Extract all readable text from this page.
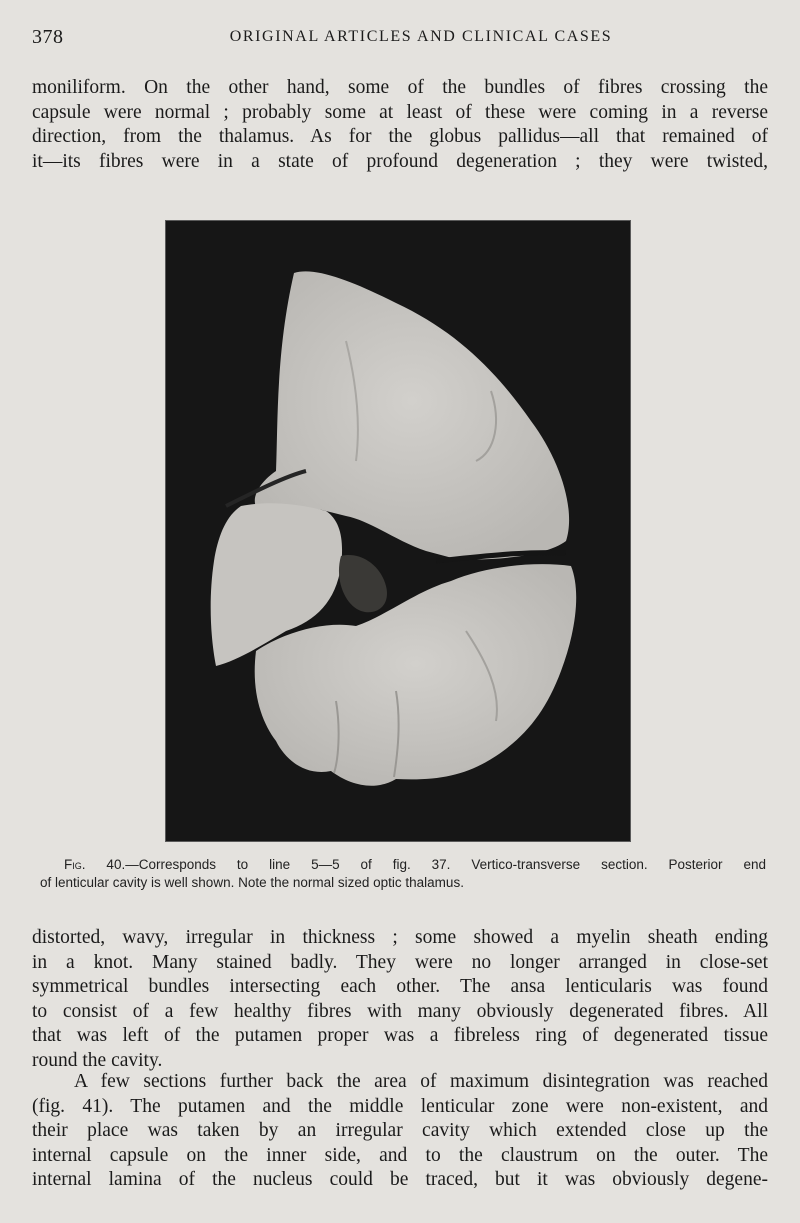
378	ORIGINAL ARTICLES AND CLINICAL CASES
moniliform. On the other hand, some of the bundles of fibres crossing the
capsule were normal ; probably some at least of these were coming in a reverse
direction, from the thalamus. As for the globus pallidus—all that remained of
it—its fibres were in a state of profound degeneration ; they were twisted,
Fig. 40.—Corresponds to line 5—5 of fig. 37. Vertico-transverse section. Posterior end
of lenticular cavity is well shown. Note the normal sized optic thalamus.
distorted, wavy, irregular in thickness ; some showed a myelin sheath ending
in a knot. Many stained badly. They were no longer arranged in close-set
symmetrical bundles intersecting each other. The ansa lenticularis was found
to consist of a few healthy fibres with many obviously degenerated fibres. All
that was left of the putamen proper was a fibreless ring of degenerated tissue
round the cavity.
A few sections further back the area of maximum disintegration was reached
(fig. 41). The putamen and the middle lenticular zone were non-existent, and
their place was taken by an irregular cavity which extended close up the
internal capsule on the inner side, and to the claustrum on the outer. The
internal lamina of the nucleus could be traced, but it was obviously degene-
